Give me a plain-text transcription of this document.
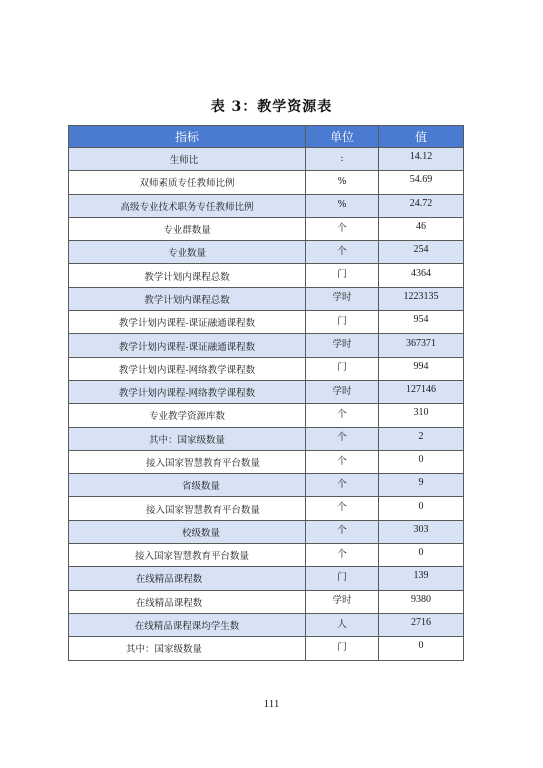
表 3：教学资源表
指标	单位	值
生师比	:	14.12
双师素质专任教师比例	%	54.69
高级专业技术职务专任教师比例	%	24.72
专业群数量	个	46
专业数量	个	254
教学计划内课程总数	门	4364
教学计划内课程总数	学时	1223135
教学计划内课程-课证融通课程数	门	954
教学计划内课程-课证融通课程数	学时	367371
教学计划内课程-网络教学课程数	门	994
教学计划内课程-网络教学课程数	学时	127146
专业教学资源库数	个	310
其中：国家级数量	个	2
接入国家智慧教育平台数量	个	0
省级数量	个	9
接入国家智慧教育平台数量	个	0
校级数量	个	303
接入国家智慧教育平台数量	个	0
在线精品课程数	门	139
在线精品课程数	学时	9380
在线精品课程课均学生数	人	2716
其中：国家级数量	门	0
111
